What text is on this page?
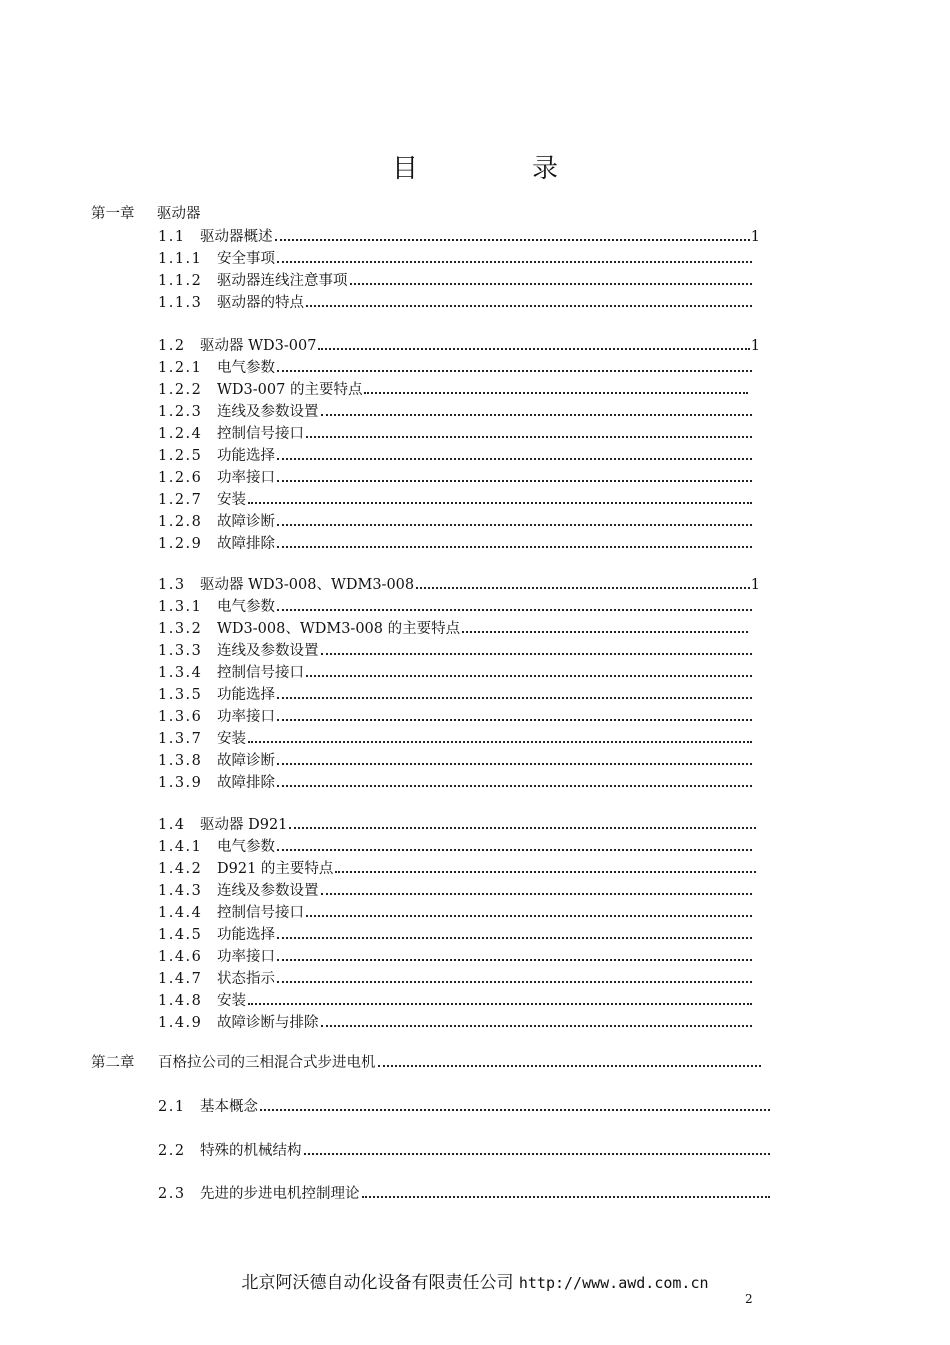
目　录
第一章	驱动器
1.1 驱动器概述	1
1.1.1	安全事项
1.1.2	驱动器连线注意事项
1.1.3	驱动器的特点
1.2 驱动器 WD3-007	1
1.2.1	电气参数
1.2.2	WD3-007 的主要特点
1.2.3	连线及参数设置
1.2.4	控制信号接口
1.2.5	功能选择
1.2.6	功率接口
1.2.7	安装
1.2.8	故障诊断
1.2.9	故障排除
1.3 驱动器 WD3-008、WDM3-008	1
1.3.1	电气参数
1.3.2	WD3-008、WDM3-008 的主要特点
1.3.3	连线及参数设置
1.3.4	控制信号接口
1.3.5	功能选择
1.3.6	功率接口
1.3.7	安装
1.3.8	故障诊断
1.3.9	故障排除
1.4 驱动器 D921
1.4.1	电气参数
1.4.2	D921 的主要特点
1.4.3	连线及参数设置
1.4.4	控制信号接口
1.4.5	功能选择
1.4.6	功率接口
1.4.7	状态指示
1.4.8	安装
1.4.9	故障诊断与排除
第二章	百格拉公司的三相混合式步进电机
2.1 基本概念
2.2 特殊的机械结构
2.3 先进的步进电机控制理论
北京阿沃德自动化设备有限责任公司 http://www.awd.com.cn
2
